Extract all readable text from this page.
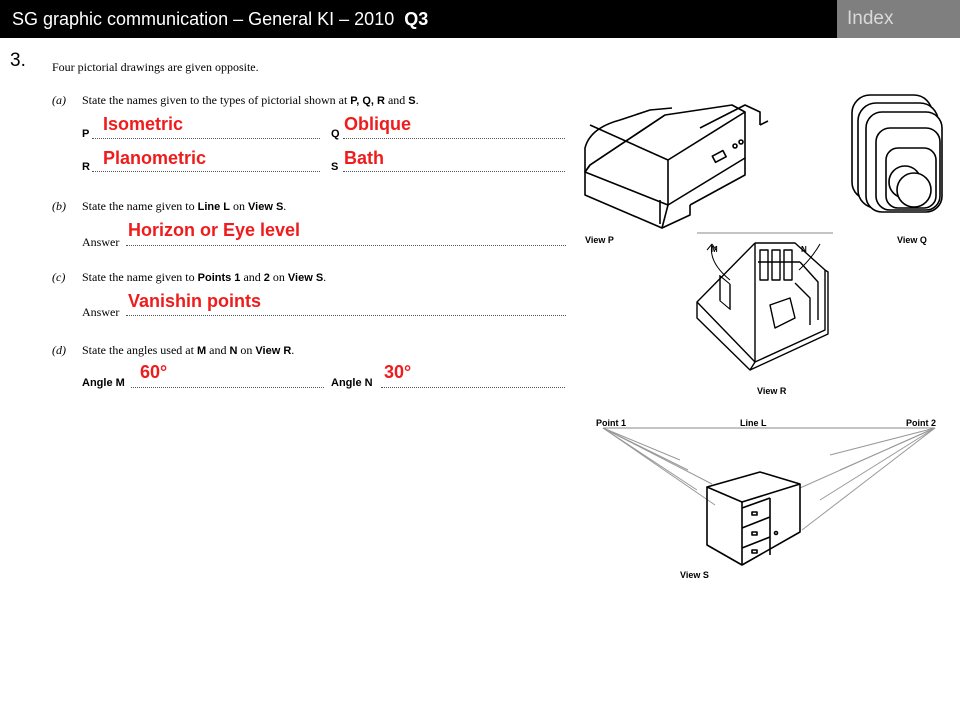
SG graphic communication – General KI – 2010 Q3	Index
3. Four pictorial drawings are given opposite.
(a) State the names given to the types of pictorial shown at P, Q, R and S.
P Isometric	Q Oblique
R Planometric	S Bath
(b) State the name given to Line L on View S.
Answer
Horizon or Eye level
(c) State the name given to Points 1 and 2 on View S.
Answer
Vanishin points
(d) State the angles used at M and N on View R.
Angle M
60°
Angle N
30°
View P	View Q
View R
View S
M	N
Point 1	Point 2
Line L
